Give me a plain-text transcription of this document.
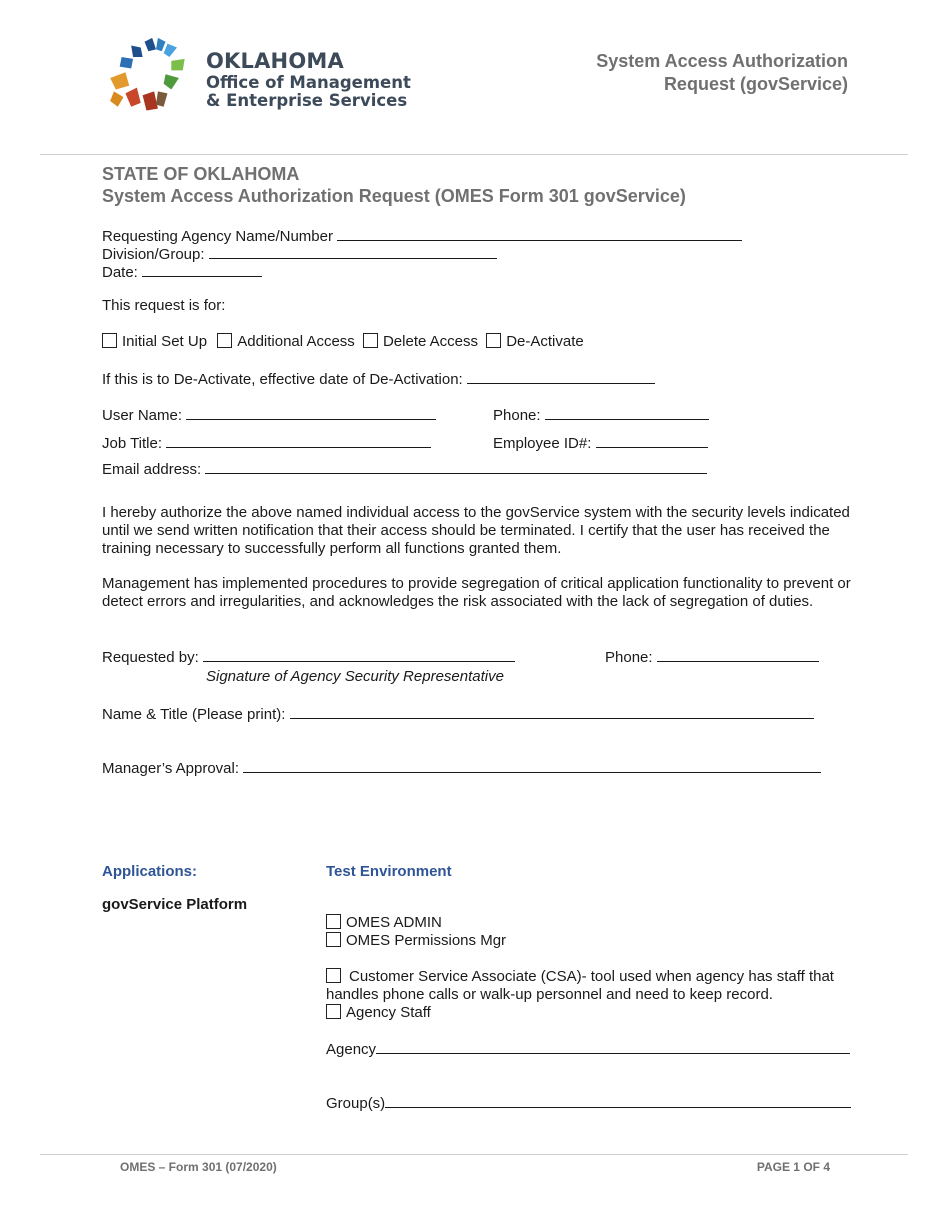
OKLAHOMA
Office of Management
& Enterprise Services
System Access Authorization
Request (govService)
STATE OF OKLAHOMA
System Access Authorization Request (OMES Form 301 govService)
Requesting Agency Name/Number
Division/Group:
Date:
This request is for:
Initial Set Up Additional Access Delete Access De-Activate
If this is to De-Activate, effective date of De-Activation:
User Name:	Phone:
Job Title:	Employee ID#:
Email address:
I hereby authorize the above named individual access to the govService system with the security levels indicated until we send written notification that their access should be terminated. I certify that the user has received the training necessary to successfully perform all functions granted them.
Management has implemented procedures to provide segregation of critical application functionality to prevent or detect errors and irregularities, and acknowledges the risk associated with the lack of segregation of duties.
Requested by:	Phone:
Signature of Agency Security Representative
Name & Title (Please print):
Manager’s Approval:
Applications:	Test Environment
govService Platform
OMES ADMIN
OMES Permissions Mgr
Customer Service Associate (CSA)- tool used when agency has staff that handles phone calls or walk-up personnel and need to keep record.
Agency Staff
Agency
Group(s)
OMES – Form 301 (07/2020)	PAGE 1 OF 4
